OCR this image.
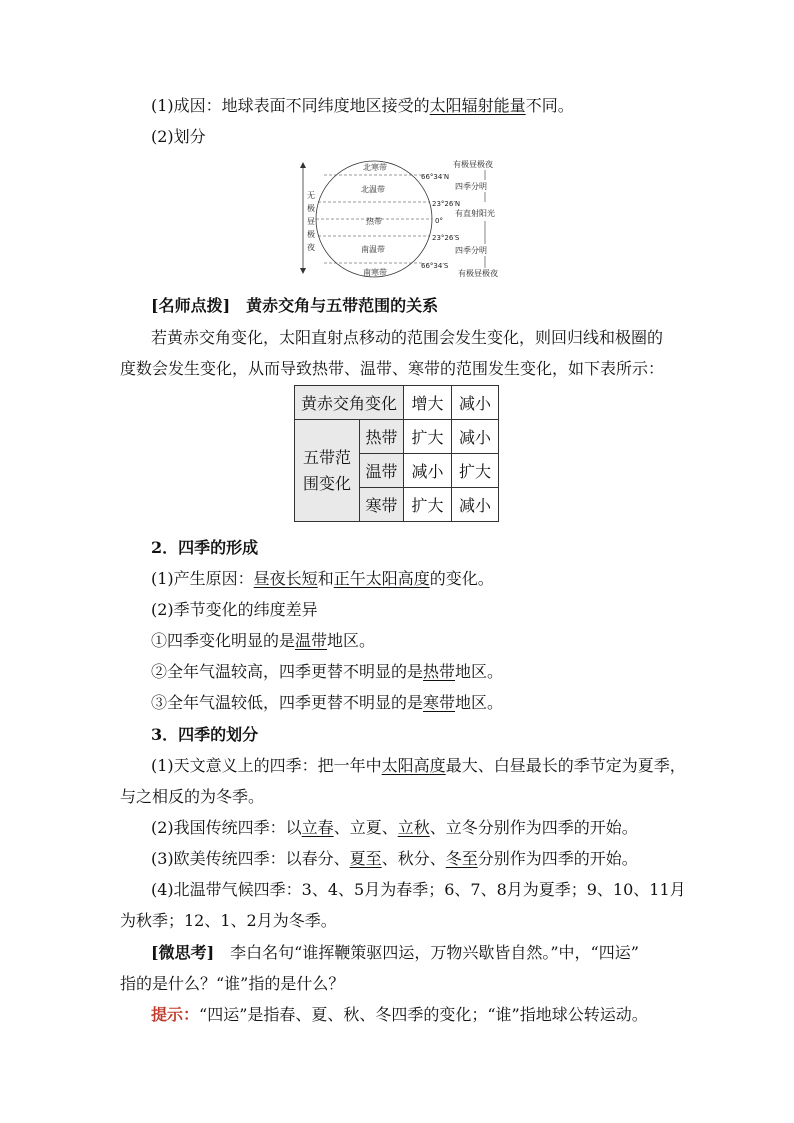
(1)成因：地球表面不同纬度地区接受的太阳辐射能量不同。
(2)划分
无
极
昼
极
夜
北寒带
北温带
热带
南温带
南寒带
66°34′N
23°26′N
0°
23°26′S
66°34′S
有极昼极夜
四季分明
有直射阳光
四季分明
有极昼极夜
[名师点拨]　 黄赤交角与五带范围的关系
若黄赤交角变化，太阳直射点移动的范围会发生变化，则回归线和极圈的
度数会发生变化，从而导致热带、温带、寒带的范围发生变化，如下表所示：
黄赤交角变化		增大	减小
五带范
围变化	热带	扩大	减小
	温带	减小	扩大
	寒带	扩大	减小
2．四季的形成
(1)产生原因：昼夜长短和正午太阳高度的变化。
(2)季节变化的纬度差异
①四季变化明显的是温带地区。
②全年气温较高，四季更替不明显的是热带地区。
③全年气温较低，四季更替不明显的是寒带地区。
3．四季的划分
(1)天文意义上的四季：把一年中太阳高度最大、白昼最长的季节定为夏季，
与之相反的为冬季。
(2)我国传统四季：以立春、立夏、立秋、立冬分别作为四季的开始。
(3)欧美传统四季：以春分、夏至、秋分、冬至分别作为四季的开始。
(4)北温带气候四季：3、4、5月为春季；6、7、8月为夏季；9、10、11月
为秋季；12、1、2月为冬季。
[微思考]　 李白名句“谁挥鞭策驱四运，万物兴歇皆自然。”中，“四运”
指的是什么？“谁”指的是什么？
提示：“四运”是指春、夏、秋、冬四季的变化；“谁”指地球公转运动。
